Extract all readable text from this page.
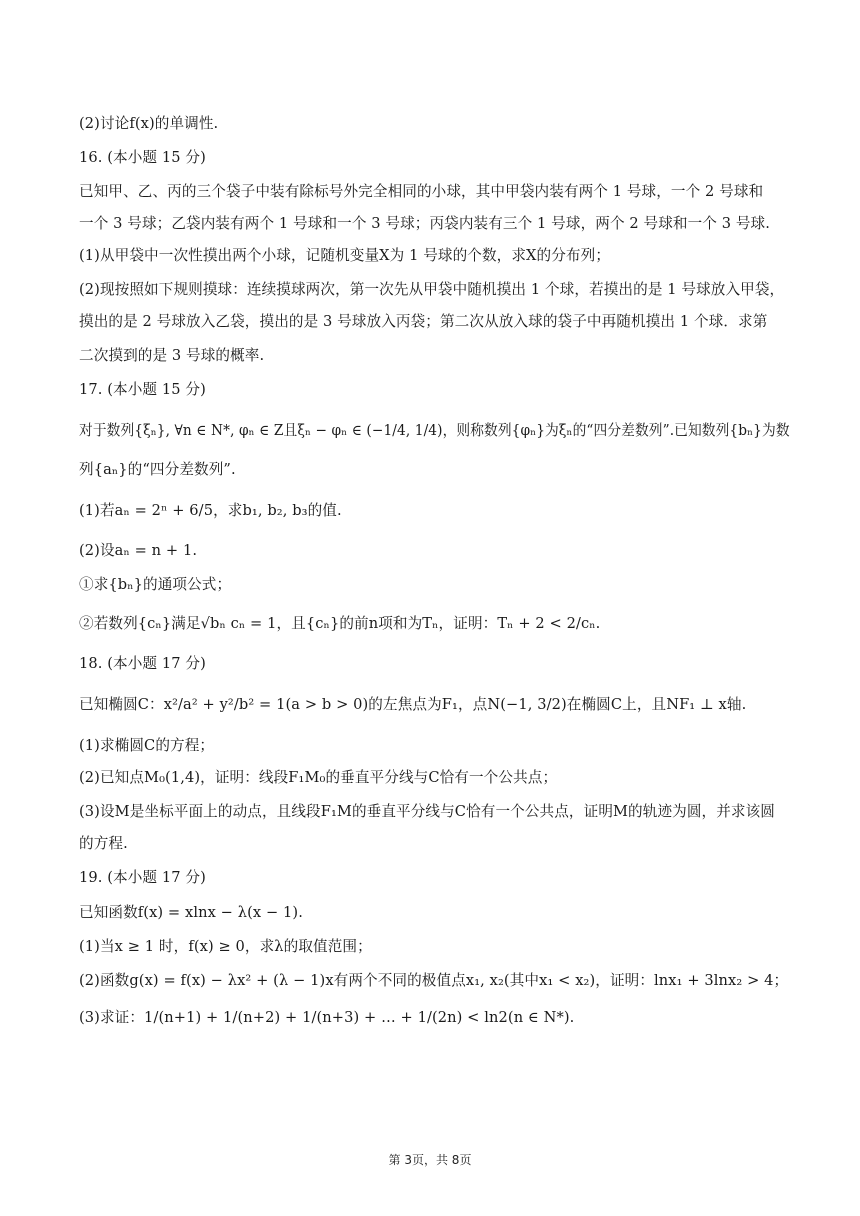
(2)讨论f(x)的单调性.
16. (本小题 15 分)
已知甲、乙、丙的三个袋子中装有除标号外完全相同的小球，其中甲袋内装有两个 1 号球，一个 2 号球和
一个 3 号球；乙袋内装有两个 1 号球和一个 3 号球；丙袋内装有三个 1 号球，两个 2 号球和一个 3 号球.
(1)从甲袋中一次性摸出两个小球，记随机变量X为 1 号球的个数，求X的分布列；
(2)现按照如下规则摸球：连续摸球两次，第一次先从甲袋中随机摸出 1 个球，若摸出的是 1 号球放入甲袋，
摸出的是 2 号球放入乙袋，摸出的是 3 号球放入丙袋；第二次从放入球的袋子中再随机摸出 1 个球．求第
二次摸到的是 3 号球的概率.
17. (本小题 15 分)
对于数列{ξₙ}, ∀n ∈ N*, φₙ ∈ Z且ξₙ − φₙ ∈ (−1/4, 1/4)，则称数列{φₙ}为ξₙ的“四分差数列”.已知数列{bₙ}为数
列{aₙ}的“四分差数列”.
(1)若aₙ = 2ⁿ + 6/5，求b₁, b₂, b₃的值.
(2)设aₙ = n + 1.
①求{bₙ}的通项公式；
②若数列{cₙ}满足√bₙ cₙ = 1，且{cₙ}的前n项和为Tₙ，证明：Tₙ + 2 < 2/cₙ.
18. (本小题 17 分)
已知椭圆C：x²/a² + y²/b² = 1(a > b > 0)的左焦点为F₁，点N(−1, 3/2)在椭圆C上，且NF₁ ⊥ x轴.
(1)求椭圆C的方程；
(2)已知点M₀(1,4)，证明：线段F₁M₀的垂直平分线与C恰有一个公共点；
(3)设M是坐标平面上的动点，且线段F₁M的垂直平分线与C恰有一个公共点，证明M的轨迹为圆，并求该圆
的方程.
19. (本小题 17 分)
已知函数f(x) = xlnx − λ(x − 1).
(1)当x ≥ 1 时，f(x) ≥ 0，求λ的取值范围；
(2)函数g(x) = f(x) − λx² + (λ − 1)x有两个不同的极值点x₁, x₂(其中x₁ < x₂)，证明：lnx₁ + 3lnx₂ > 4；
(3)求证：1/(n+1) + 1/(n+2) + 1/(n+3) + … + 1/(2n) < ln2(n ∈ N*).
第 3页，共 8页
